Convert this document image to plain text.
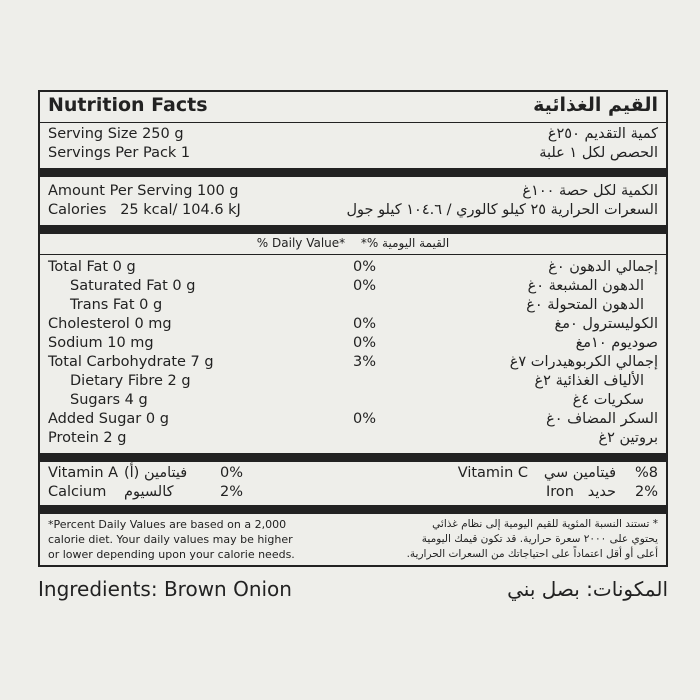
Nutrition Facts	القيم الغذائية
Serving Size 250 g	كمية التقديم ٢٥٠غ
Servings Per Pack 1	الحصص لكل ١ علبة
Amount Per Serving 100 g	الكمية لكل حصة ١٠٠غ
Calories   25 kcal/ 104.6 kJ	السعرات الحرارية ٢٥ كيلو كالوري / ١٠٤.٦ كيلو جول
% Daily Value* القيمة اليومية %*
Total Fat 0 g	0%	إجمالي الدهون ٠غ
Saturated Fat 0 g	0%	الدهون المشبعة ٠غ
Trans Fat 0 g	الدهون المتحولة ٠غ
Cholesterol 0 mg	0%	الكوليسترول ٠مغ
Sodium 10 mg	0%	صوديوم ١٠مغ
Total Carbohydrate 7 g	3%	إجمالي الكربوهيدرات ٧غ
Dietary Fibre 2 g	الألياف الغذائية ٢غ
Sugars 4 g	سكريات ٤غ
Added Sugar 0 g	0%	السكر المضاف ٠غ
Protein 2 g	بروتين ٢غ
Vitamin A فيتامين (أ) 0%	Vitamin C فيتامين سي %8
Calcium كالسيوم	2%	Iron حديد 2%
*Percent Daily Values are based on a 2,000
calorie diet. Your daily values may be higher
or lower depending upon your calorie needs.
* تستند النسبة المئوية للقيم اليومية إلى نظام غذائي
يحتوي على ٢٠٠٠ سعرة حرارية. قد تكون قيمك اليومية
أعلى أو أقل اعتماداً على احتياجاتك من السعرات الحرارية.
Ingredients: Brown Onion	المكونات: بصل بني
